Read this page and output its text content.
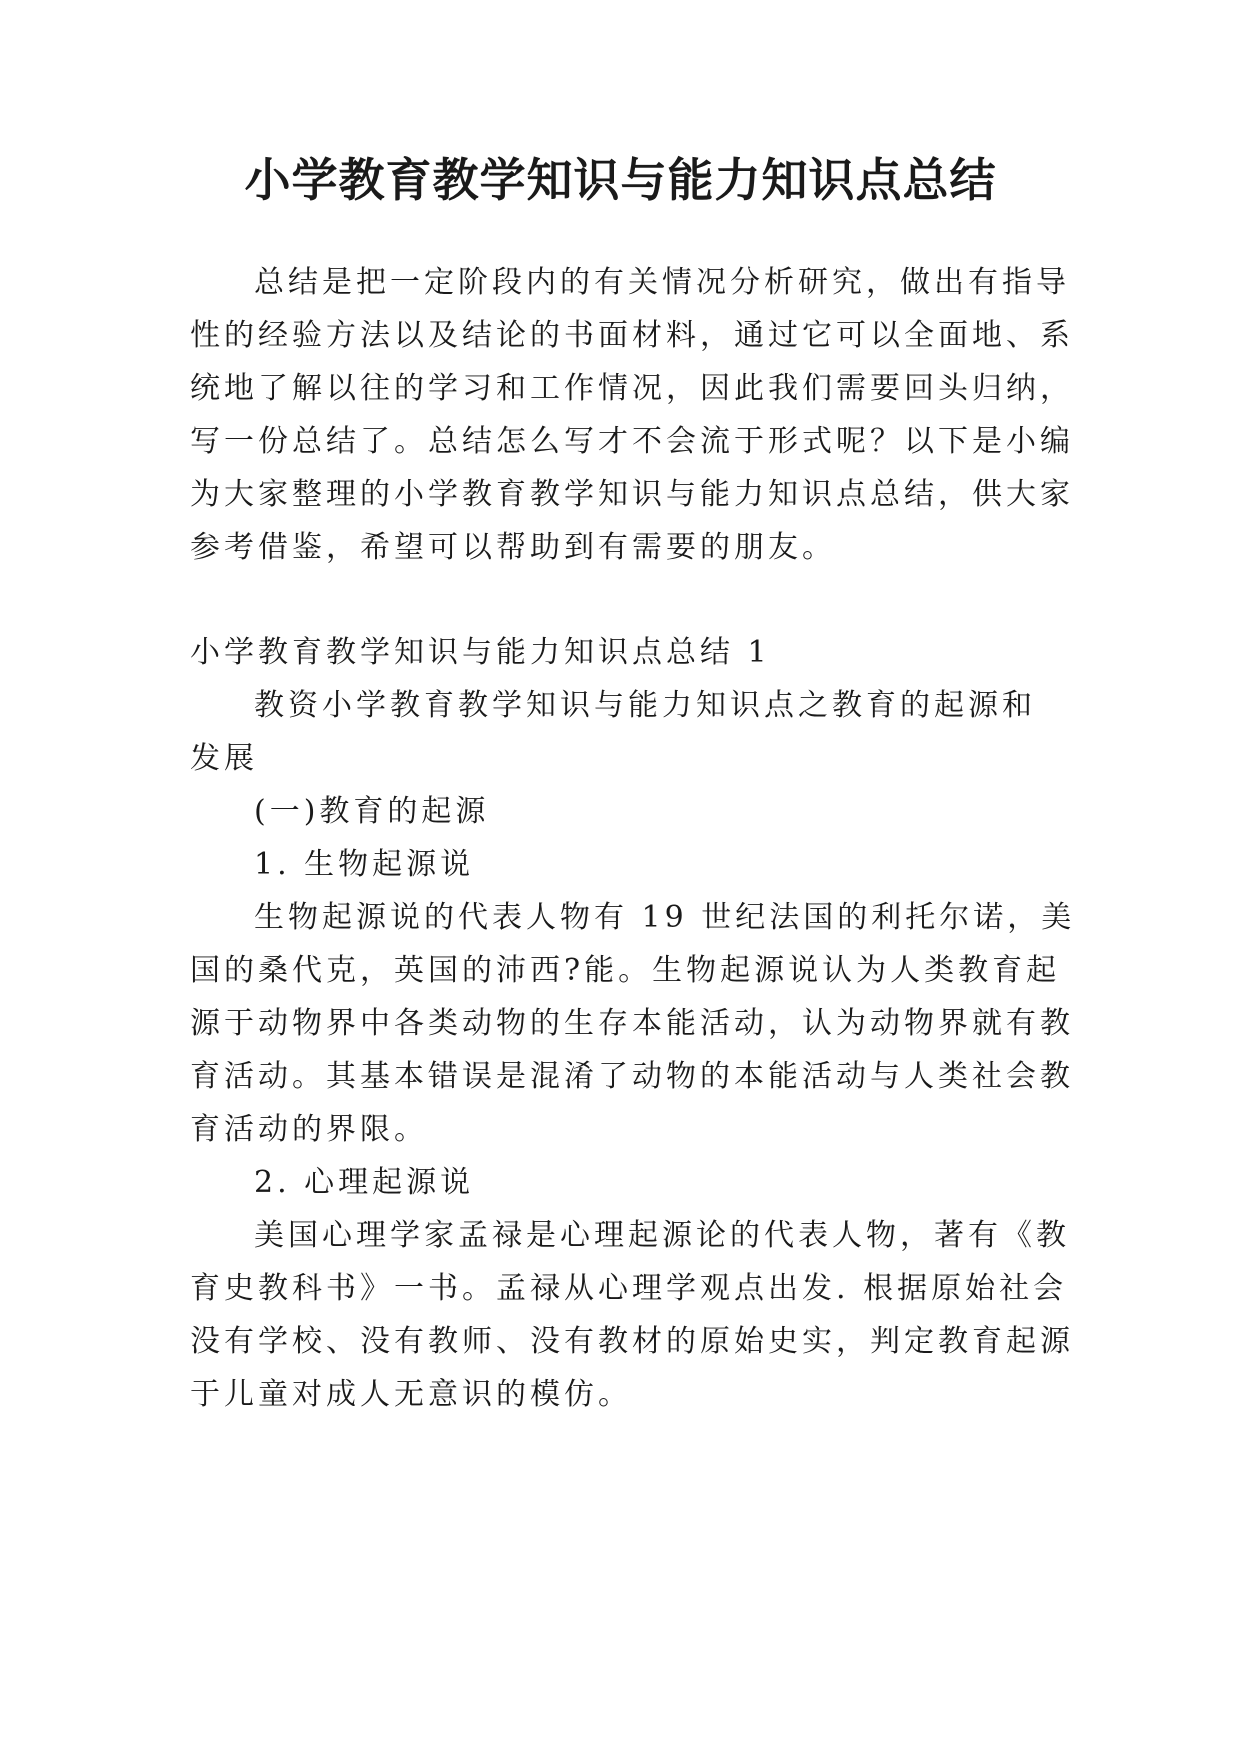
小学教育教学知识与能力知识点总结
总结是把一定阶段内的有关情况分析研究，做出有指导
性的经验方法以及结论的书面材料，通过它可以全面地、系
统地了解以往的学习和工作情况，因此我们需要回头归纳，
写一份总结了。总结怎么写才不会流于形式呢？以下是小编
为大家整理的小学教育教学知识与能力知识点总结，供大家
参考借鉴，希望可以帮助到有需要的朋友。
小学教育教学知识与能力知识点总结 1
教资小学教育教学知识与能力知识点之教育的起源和
发展
(一)教育的起源
1. 生物起源说
生物起源说的代表人物有 19 世纪法国的利托尔诺，美
国的桑代克，英国的沛西?能。生物起源说认为人类教育起
源于动物界中各类动物的生存本能活动，认为动物界就有教
育活动。其基本错误是混淆了动物的本能活动与人类社会教
育活动的界限。
2. 心理起源说
美国心理学家孟禄是心理起源论的代表人物，著有《教
育史教科书》一书。孟禄从心理学观点出发. 根据原始社会
没有学校、没有教师、没有教材的原始史实，判定教育起源
于儿童对成人无意识的模仿。
